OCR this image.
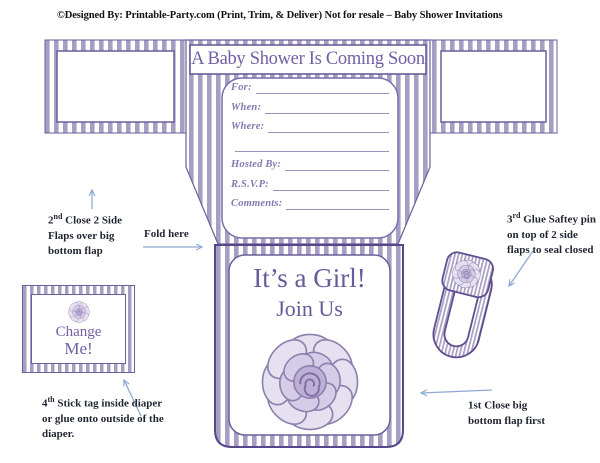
©Designed By: Printable-Party.com (Print, Trim, & Deliver) Not for resale – Baby Shower Invitations
A Baby Shower Is Coming Soon
For:
When:
Where:
Hosted By:
R.S.V.P:
Comments:
It’s a Girl!
Join Us
Change
Me!
2nd Close 2 Side Flaps over big bottom flap
Fold here
3rd Glue Saftey pin on top of 2 side flaps to seal closed
4th Stick tag inside diaper or glue onto outside of the diaper.
1st Close big bottom flap first
